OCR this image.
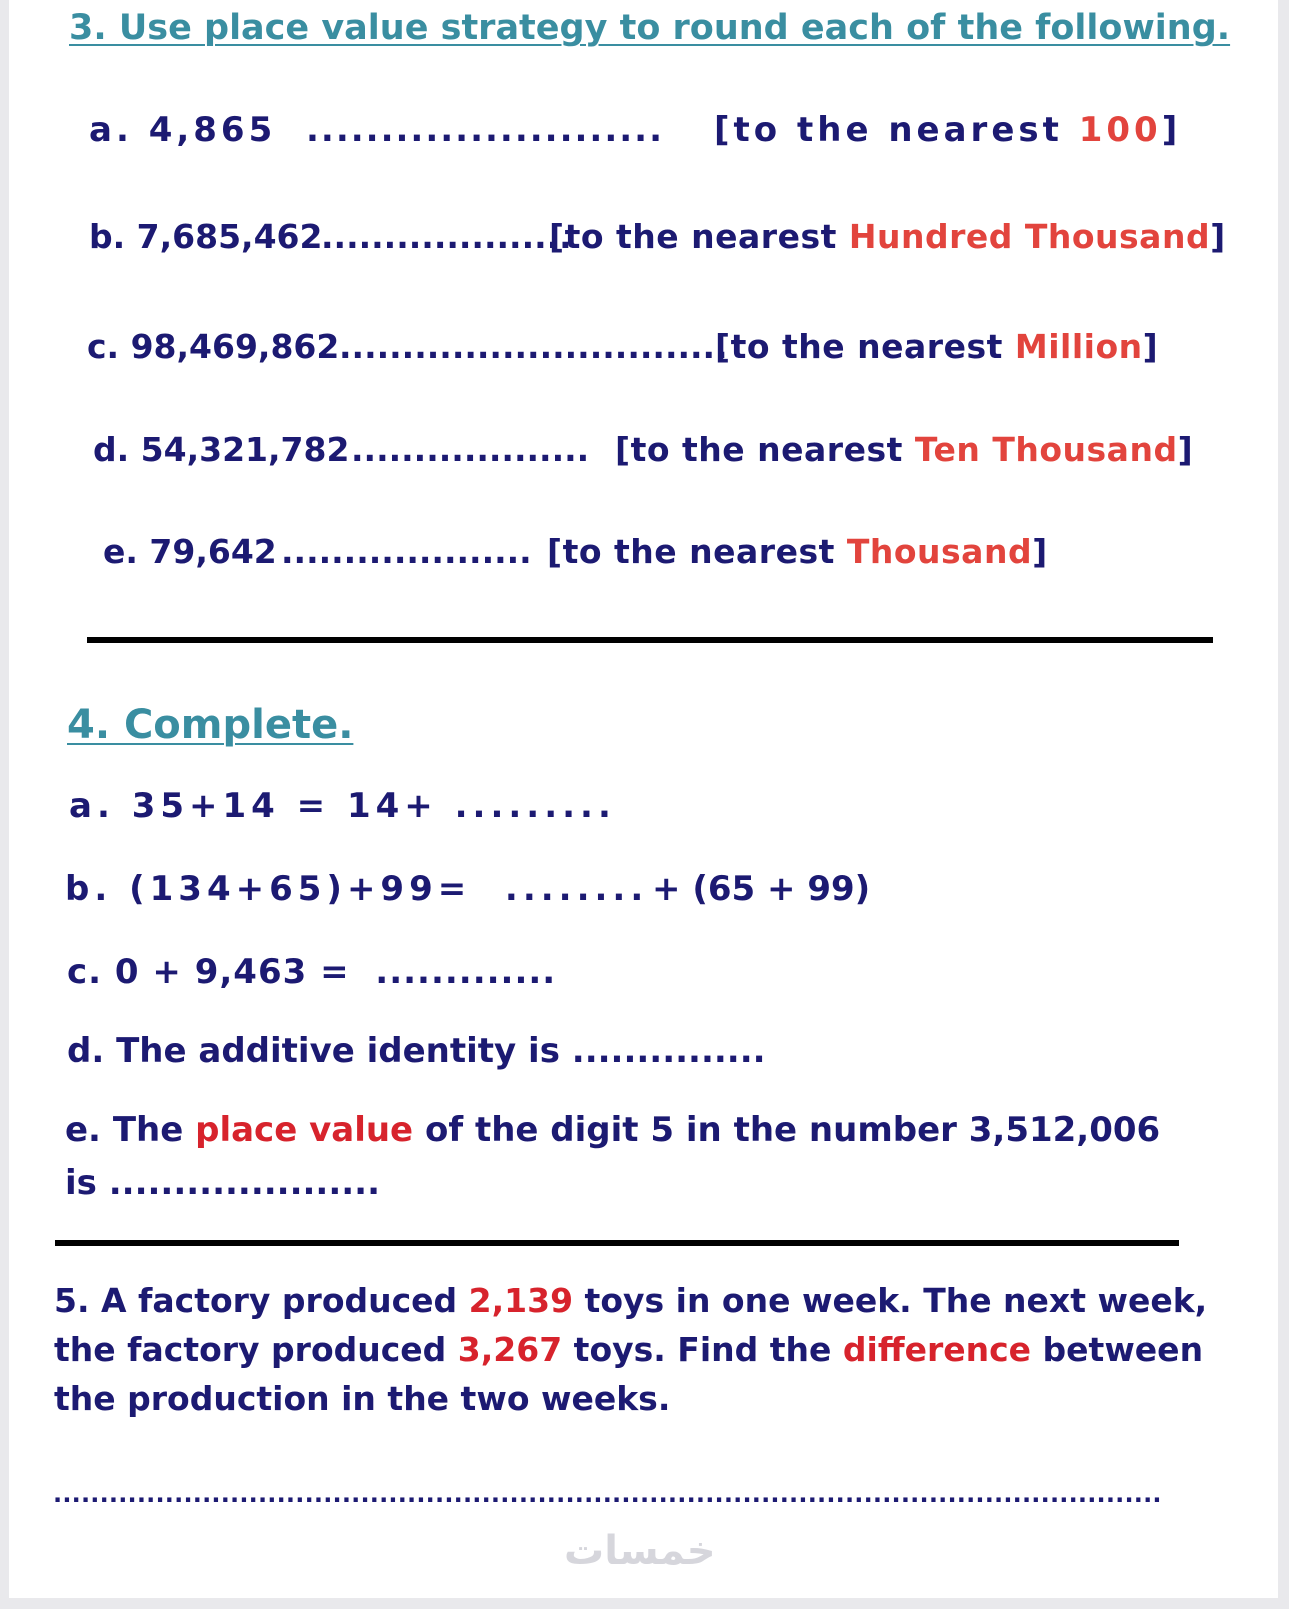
3. Use place value strategy to round each of the following.
a. 4,865 ........................ [to the nearest 100]
b. 7,685,462
....................
[to the nearest Hundred Thousand]
c. 98,469,862 ...............................
[to the nearest Million]
d. 54,321,782 ................... [to the nearest Ten Thousand]
e. 79,642 .................... [to the nearest Thousand]
4. Complete.
a. 35+14 = 14+ .........
b. (134+65)+99= ........ + (65 + 99)
c. 0 + 9,463 = .............
d. The additive identity is ...............
e. The place value of the digit 5 in the number 3,512,006
is .....................
5. A factory produced 2,139 toys in one week. The next week,
the factory produced 3,267 toys. Find the difference between
the production in the two weeks.
.......................................................................................................................
خمسات
